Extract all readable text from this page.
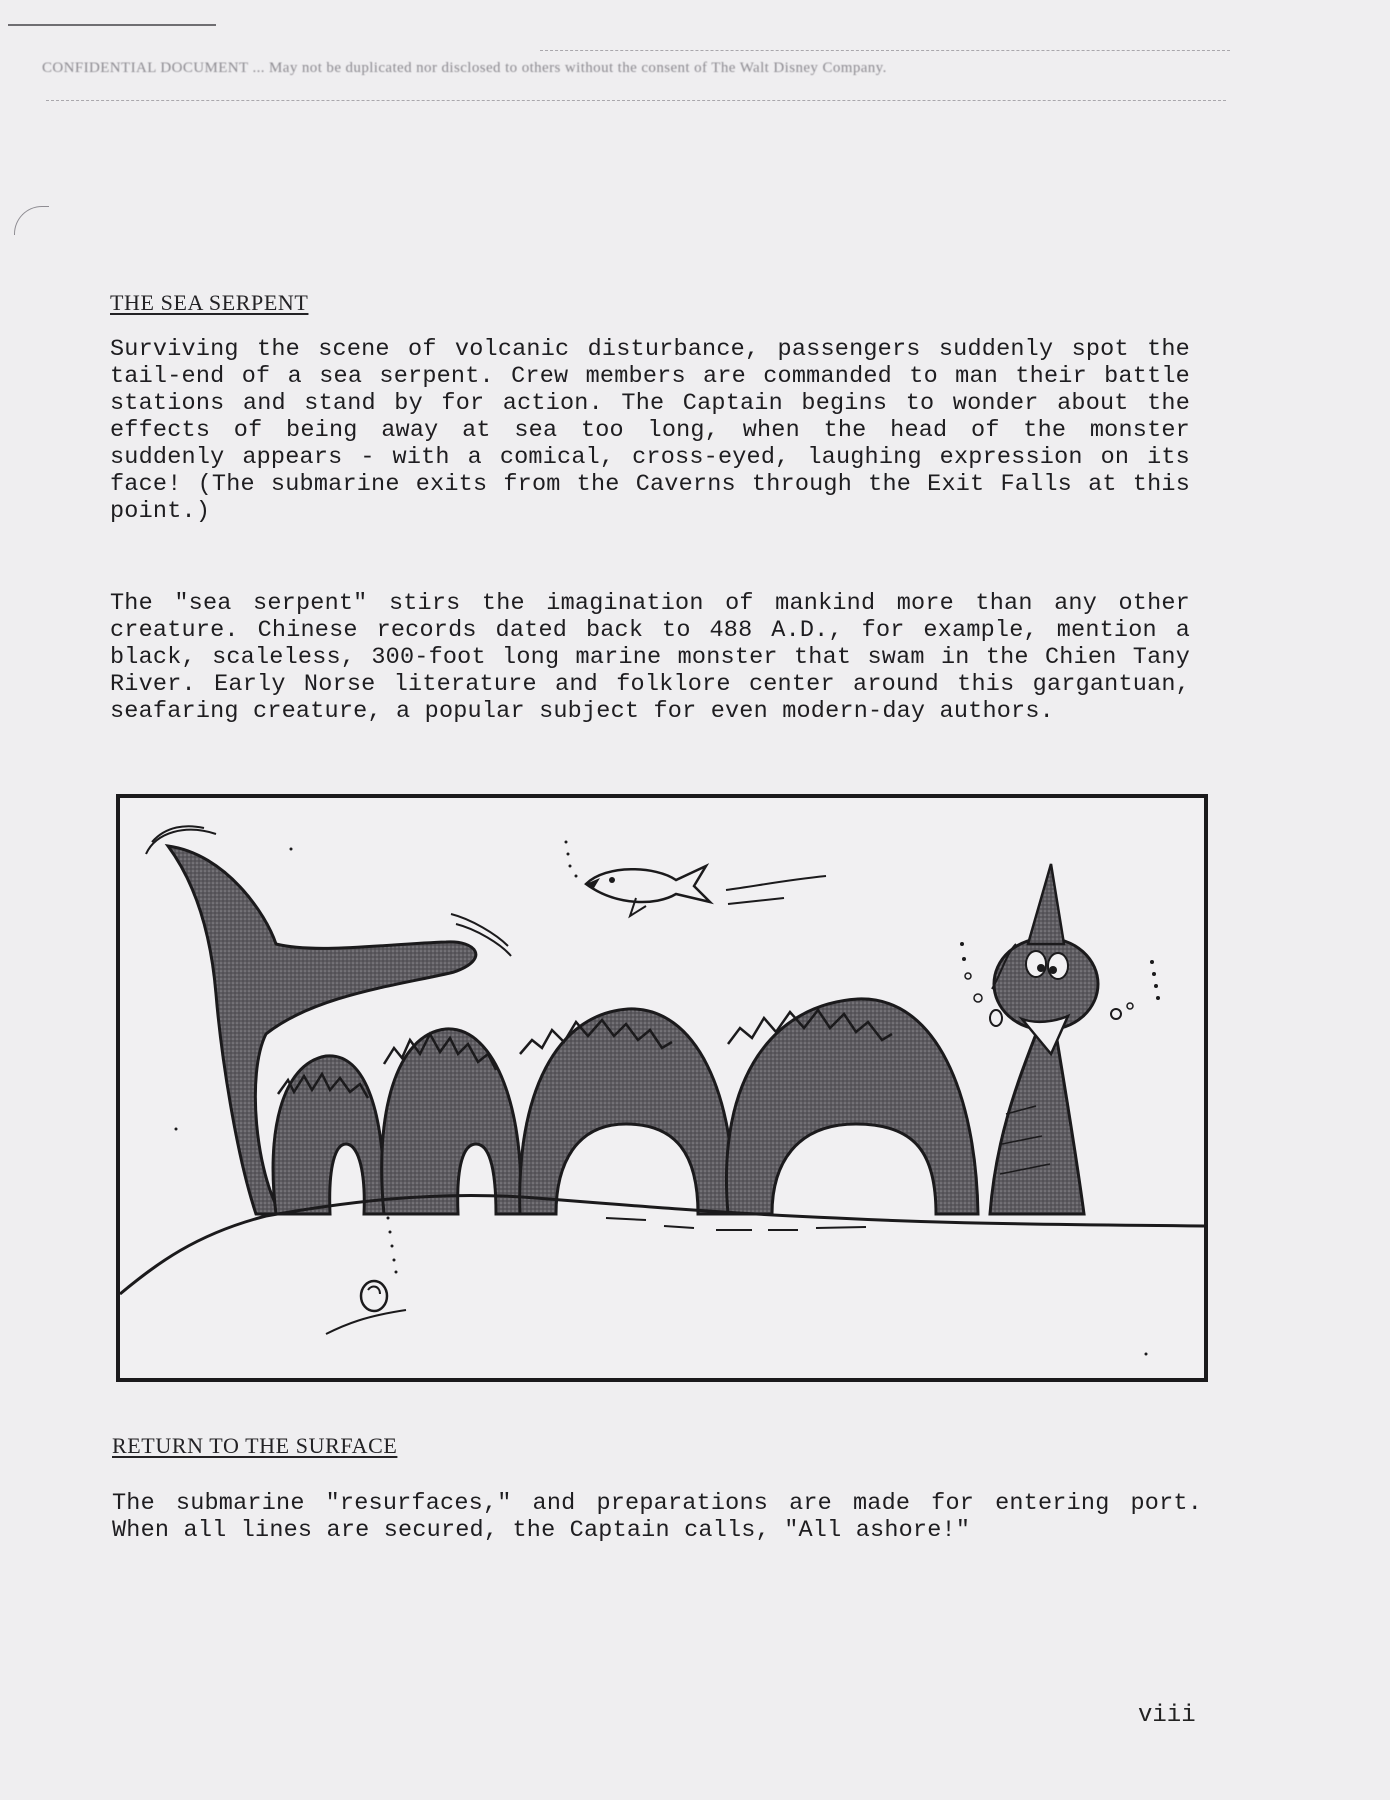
CONFIDENTIAL DOCUMENT ... May not be duplicated nor disclosed to others without the consent of The Walt Disney Company.
THE SEA SERPENT

Surviving the scene of volcanic disturbance, passengers suddenly spot the tail-end of a sea serpent. Crew members are commanded to man their battle stations and stand by for action. The Captain begins to wonder about the effects of being away at sea too long, when the head of the monster suddenly appears - with a comical, cross-eyed, laughing expression on its face! (The submarine exits from the Caverns through the Exit Falls at this point.)

The "sea serpent" stirs the imagination of mankind more than any other creature. Chinese records dated back to 488 A.D., for example, mention a black, scaleless, 300-foot long marine monster that swam in the Chien Tany River. Early Norse literature and folklore center around this gargantuan, seafaring creature, a popular subject for even modern-day authors.

RETURN TO THE SURFACE

The submarine "resurfaces," and preparations are made for entering port. When all lines are secured, the Captain calls, "All ashore!"

viii
